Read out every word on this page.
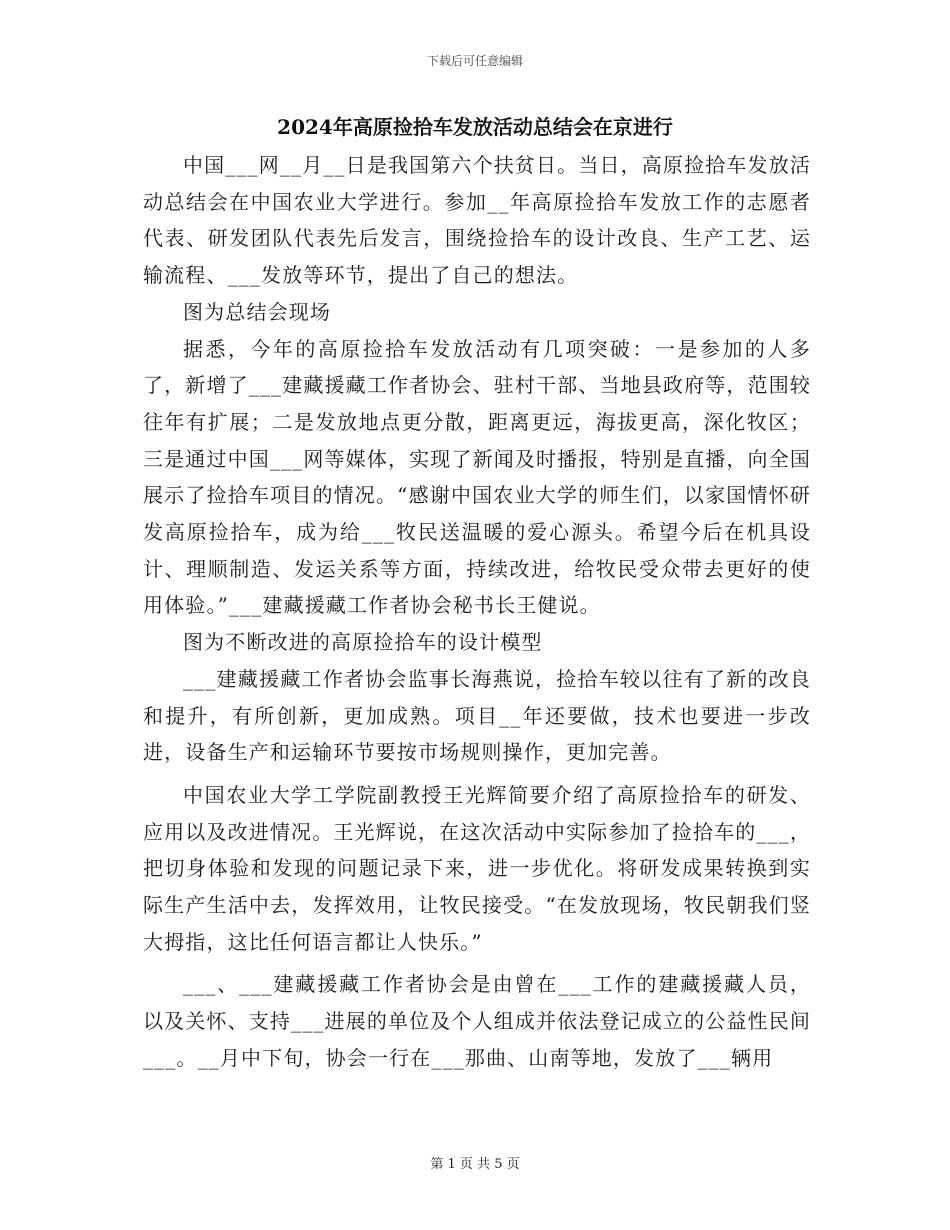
下载后可任意编辑
2024年高原捡拾车发放活动总结会在京进行

中国___网__月__日是我国第六个扶贫日。当日，高原捡拾车发放活动总结会在中国农业大学进行。参加__年高原捡拾车发放工作的志愿者代表、研发团队代表先后发言，围绕捡拾车的设计改良、生产工艺、运输流程、___发放等环节，提出了自己的想法。

图为总结会现场

据悉，今年的高原捡拾车发放活动有几项突破：一是参加的人多了，新增了___建藏援藏工作者协会、驻村干部、当地县政府等，范围较往年有扩展；二是发放地点更分散，距离更远，海拔更高，深化牧区；三是通过中国___网等媒体，实现了新闻及时播报，特别是直播，向全国展示了捡拾车项目的情况。“感谢中国农业大学的师生们，以家国情怀研发高原捡拾车，成为给___牧民送温暖的爱心源头。希望今后在机具设计、理顺制造、发运关系等方面，持续改进，给牧民受众带去更好的使用体验。”___建藏援藏工作者协会秘书长王健说。

图为不断改进的高原捡拾车的设计模型

___建藏援藏工作者协会监事长海燕说，捡拾车较以往有了新的改良和提升，有所创新，更加成熟。项目__年还要做，技术也要进一步改进，设备生产和运输环节要按市场规则操作，更加完善。

中国农业大学工学院副教授王光辉简要介绍了高原捡拾车的研发、应用以及改进情况。王光辉说，在这次活动中实际参加了捡拾车的___，把切身体验和发现的问题记录下来，进一步优化。将研发成果转换到实际生产生活中去，发挥效用，让牧民接受。“在发放现场，牧民朝我们竖大拇指，这比任何语言都让人快乐。”

___、___建藏援藏工作者协会是由曾在___工作的建藏援藏人员，以及关怀、支持___进展的单位及个人组成并依法登记成立的公益性民间___。__月中下旬，协会一行在___那曲、山南等地，发放了___辆用

第 1 页 共 5 页
